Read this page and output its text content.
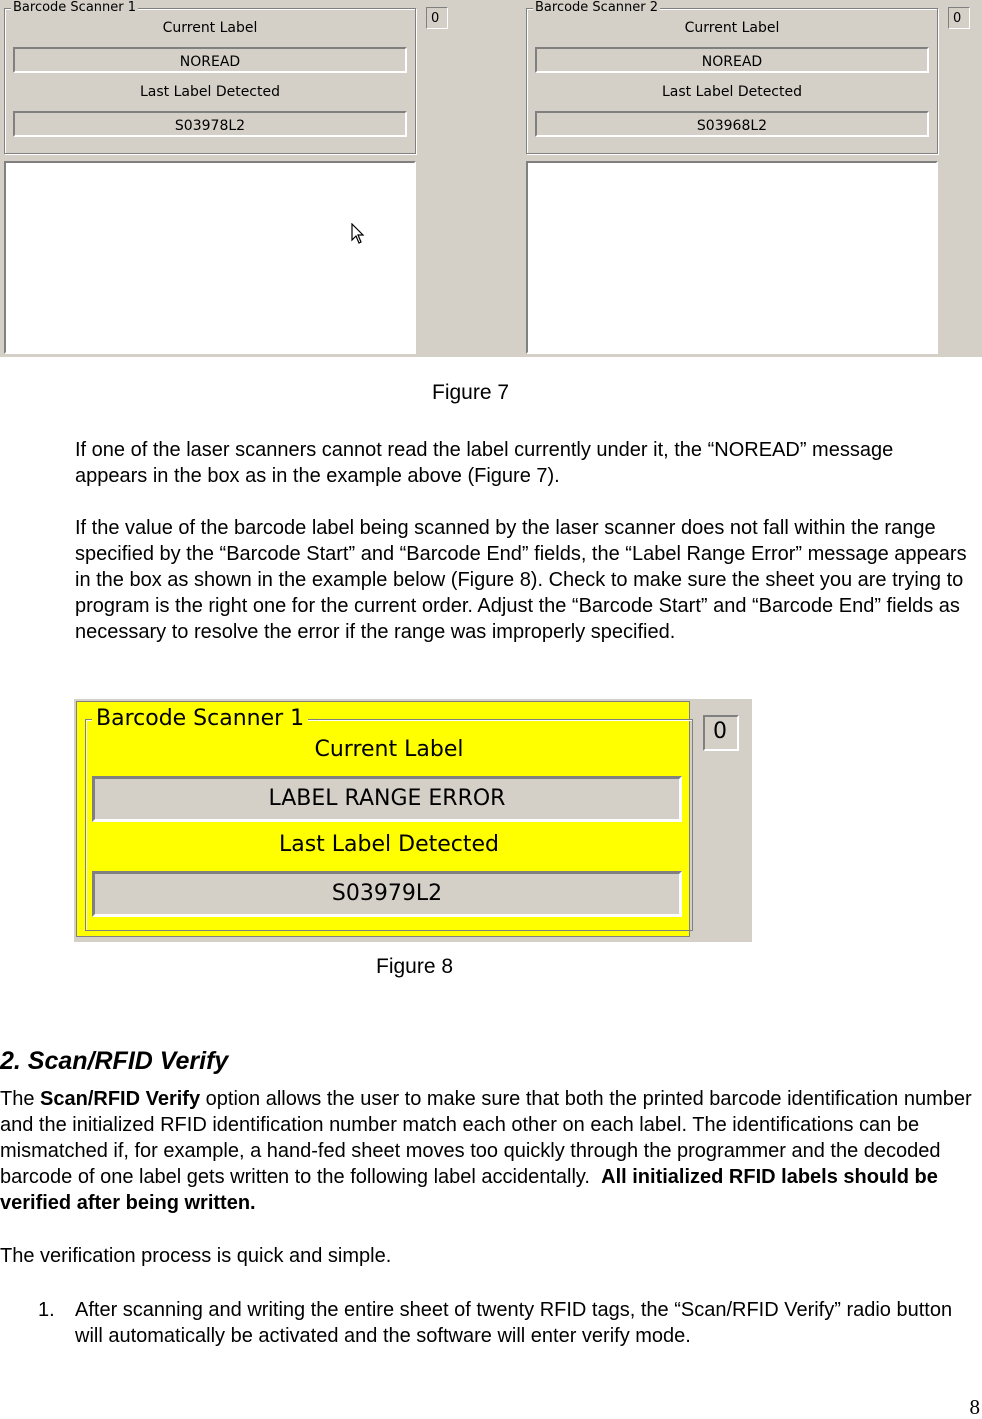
Barcode Scanner 1
Current Label
NOREAD
Last Label Detected
S03978L2
0
Barcode Scanner 2
Current Label
NOREAD
Last Label Detected
S03968L2
0
Figure 7
If one of the laser scanners cannot read the label currently under it, the “NOREAD” message appears in the box as in the example above (Figure 7).
If the value of the barcode label being scanned by the laser scanner does not fall within the range specified by the “Barcode Start” and “Barcode End” fields, the “Label Range Error” message appears in the box as shown in the example below (Figure 8). Check to make sure the sheet you are trying to program is the right one for the current order. Adjust the “Barcode Start” and “Barcode End” fields as necessary to resolve the error if the range was improperly specified.
Barcode Scanner 1
Current Label
LABEL RANGE ERROR
Last Label Detected
S03979L2
0
Figure 8
2. Scan/RFID Verify
The Scan/RFID Verify option allows the user to make sure that both the printed barcode identification number and the initialized RFID identification number match each other on each label. The identifications can be mismatched if, for example, a hand-fed sheet moves too quickly through the programmer and the decoded barcode of one label gets written to the following label accidentally. All initialized RFID labels should be verified after being written.
The verification process is quick and simple.
1. After scanning and writing the entire sheet of twenty RFID tags, the “Scan/RFID Verify” radio button will automatically be activated and the software will enter verify mode.
8
